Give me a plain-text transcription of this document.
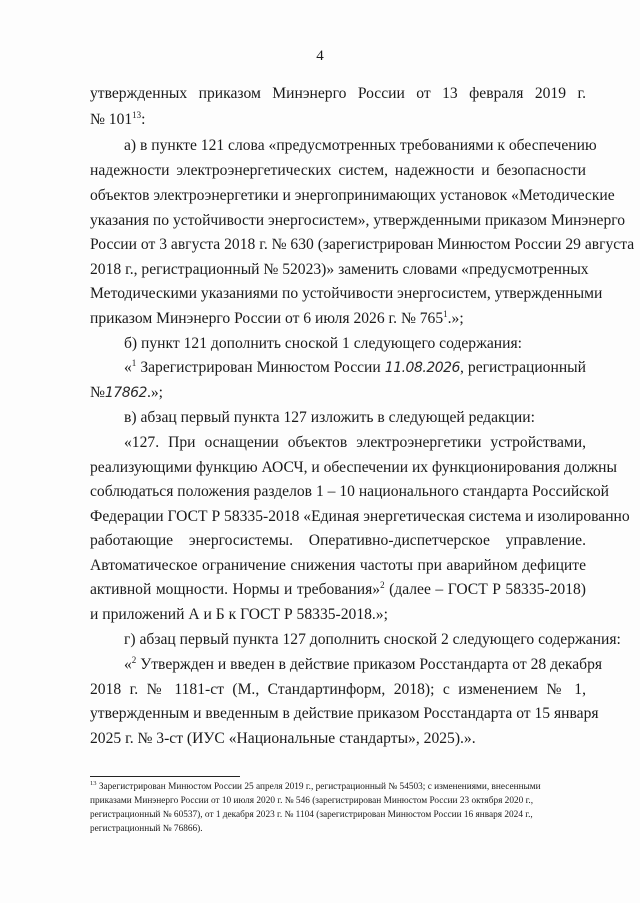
4
утвержденных приказом Минэнерго России от 13 февраля 2019 г.
№ $101^{13}$:
а) в пункте 121 слова «предусмотренных требованиями к обеспечению
надежности электроэнергетических систем, надежности и безопасности
объектов электроэнергетики и энергопринимающих установок «Методические
указания по устойчивости энергосистем», утвержденными приказом Минэнерго
России от 3 августа 2018 г. № 630 (зарегистрирован Минюстом России 29 августа
2018 г., регистрационный № 52023)» заменить словами «предусмотренных
Методическими указаниями по устойчивости энергосистем, утвержденными
приказом Минэнерго России от 6 июля 2026 г. № $765^1$.»;
б) пункт 121 дополнить сноской 1 следующего содержания:
«$^1$ Зарегистрирован Минюстом России 11.08.2026, регистрационный
№17862.»;
в) абзац первый пункта 127 изложить в следующей редакции:
«127. При оснащении объектов электроэнергетики устройствами,
реализующими функцию АОСЧ, и обеспечении их функционирования должны
соблюдаться положения разделов 1 – 10 национального стандарта Российской
Федерации ГОСТ Р 58335-2018 «Единая энергетическая система и изолированно
работающие энергосистемы. Оперативно-диспетчерское управление.
Автоматическое ограничение снижения частоты при аварийном дефиците
активной мощности. Нормы и требования»$^2$ (далее – ГОСТ Р 58335-2018)
и приложений А и Б к ГОСТ Р 58335-2018.»;
г) абзац первый пункта 127 дополнить сноской 2 следующего содержания:
«$^2$ Утвержден и введен в действие приказом Росстандарта от 28 декабря
2018 г. № 1181-ст (М., Стандартинформ, 2018); с изменением № 1,
утвержденным и введенным в действие приказом Росстандарта от 15 января
2025 г. № 3-ст (ИУС «Национальные стандарты», 2025).».
$^{13}$ Зарегистрирован Минюстом России 25 апреля 2019 г., регистрационный № 54503; с изменениями, внесенными
приказами Минэнерго России от 10 июля 2020 г. № 546 (зарегистрирован Минюстом России 23 октября 2020 г.,
регистрационный № 60537), от 1 декабря 2023 г. № 1104 (зарегистрирован Минюстом России 16 января 2024 г.,
регистрационный № 76866).
